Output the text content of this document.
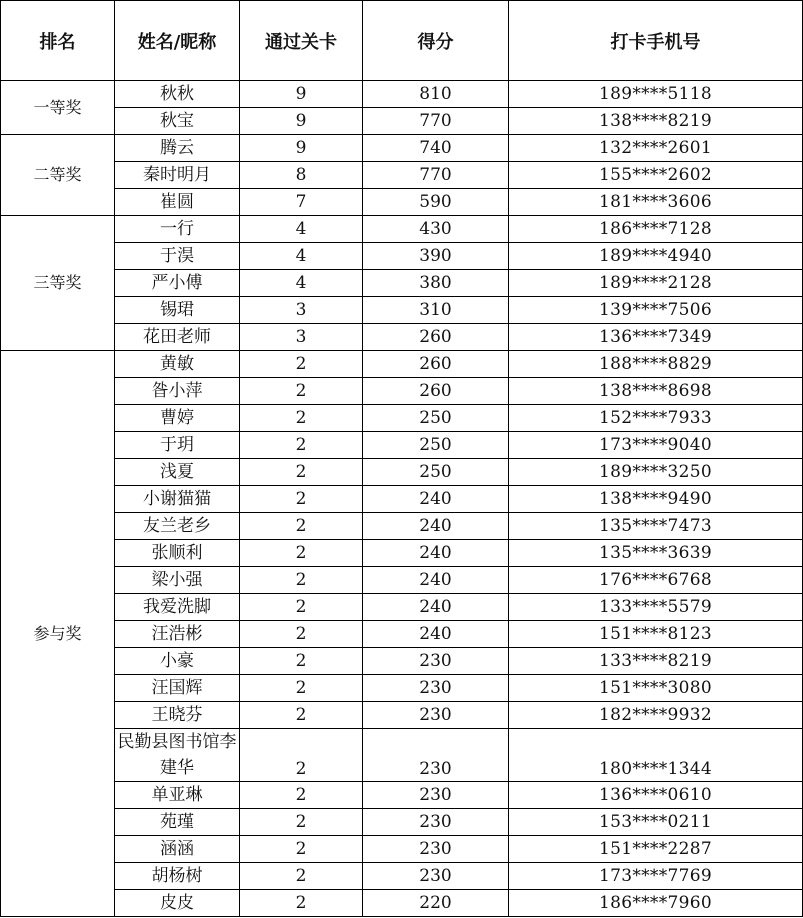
排名	姓名/昵称	通过关卡	得分	打卡手机号
一等奖	秋秋	9	810	189****5118
	秋宝	9	770	138****8219
二等奖	腾云	9	740	132****2601
	秦时明月	8	770	155****2602
	崔圆	7	590	181****3606
三等奖	一行	4	430	186****7128
	于淏	4	390	189****4940
	严小傅	4	380	189****2128
	锡珺	3	310	139****7506
	花田老师	3	260	136****7349
参与奖	黄敏	2	260	188****8829
	昝小萍	2	260	138****8698
	曹婷	2	250	152****7933
	于玥	2	250	173****9040
	浅夏	2	250	189****3250
	小谢猫猫	2	240	138****9490
	友兰老乡	2	240	135****7473
	张顺利	2	240	135****3639
	梁小强	2	240	176****6768
	我爱洗脚	2	240	133****5579
	汪浩彬	2	240	151****8123
	小豪	2	230	133****8219
	汪国辉	2	230	151****3080
	王晓芬	2	230	182****9932
	民勤县图书馆李建华	2	230	180****1344
	单亚琳	2	230	136****0610
	苑瑾	2	230	153****0211
	涵涵	2	230	151****2287
	胡杨树	2	230	173****7769
	皮皮	2	220	186****7960
